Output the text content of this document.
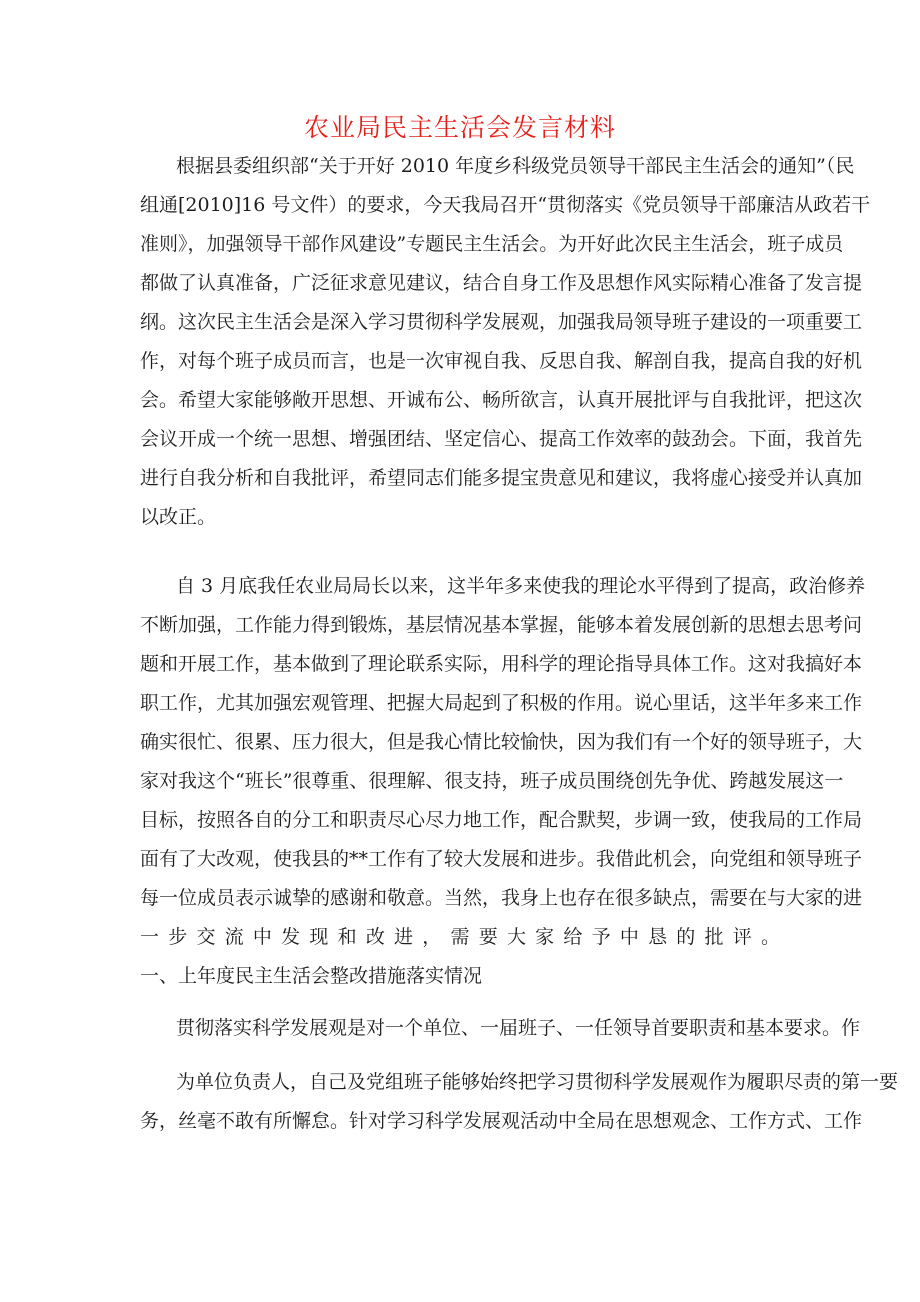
农业局民主生活会发言材料
根据县委组织部“关于开好 2010 年度乡科级党员领导干部民主生活会的通知”（民
组通[2010]16 号文件）的要求，今天我局召开“贯彻落实《党员领导干部廉洁从政若干
准则》，加强领导干部作风建设”专题民主生活会。为开好此次民主生活会，班子成员
都做了认真准备，广泛征求意见建议，结合自身工作及思想作风实际精心准备了发言提
纲。这次民主生活会是深入学习贯彻科学发展观，加强我局领导班子建设的一项重要工
作，对每个班子成员而言，也是一次审视自我、反思自我、解剖自我，提高自我的好机
会。希望大家能够敞开思想、开诚布公、畅所欲言，认真开展批评与自我批评，把这次
会议开成一个统一思想、增强团结、坚定信心、提高工作效率的鼓劲会。下面，我首先
进行自我分析和自我批评，希望同志们能多提宝贵意见和建议，我将虚心接受并认真加
以改正。
自 3 月底我任农业局局长以来，这半年多来使我的理论水平得到了提高，政治修养
不断加强，工作能力得到锻炼，基层情况基本掌握，能够本着发展创新的思想去思考问
题和开展工作，基本做到了理论联系实际，用科学的理论指导具体工作。这对我搞好本
职工作，尤其加强宏观管理、把握大局起到了积极的作用。说心里话，这半年多来工作
确实很忙、很累、压力很大，但是我心情比较愉快，因为我们有一个好的领导班子，大
家对我这个“班长”很尊重、很理解、很支持，班子成员围绕创先争优、跨越发展这一
目标，按照各自的分工和职责尽心尽力地工作，配合默契，步调一致，使我局的工作局
面有了大改观，使我县的**工作有了较大发展和进步。我借此机会，向党组和领导班子
每一位成员表示诚挚的感谢和敬意。当然，我身上也存在很多缺点，需要在与大家的进
一步交流中发现和改进，需要大家给予中恳的批评。
一、上年度民主生活会整改措施落实情况
贯彻落实科学发展观是对一个单位、一届班子、一任领导首要职责和基本要求。作
为单位负责人，自己及党组班子能够始终把学习贯彻科学发展观作为履职尽责的第一要
务，丝毫不敢有所懈怠。针对学习科学发展观活动中全局在思想观念、工作方式、工作
